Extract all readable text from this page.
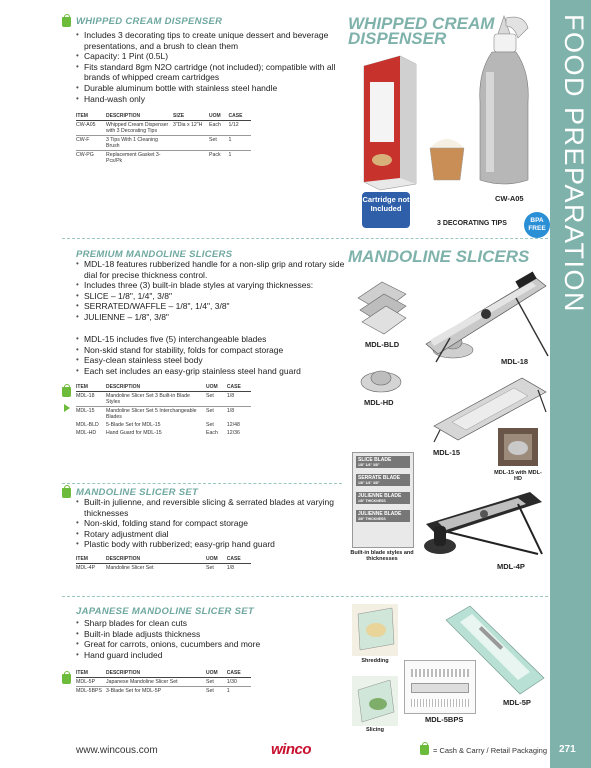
FOOD PREPARATION
WHIPPED CREAM DISPENSER
• Includes 3 decorating tips to create unique dessert and beverage presentations, and a brush to clean them
• Capacity: 1 Pint (0.5L)
• Fits standard 8gm N2O cartridge (not included); compatible with all brands of whipped cream cartridges
• Durable aluminum bottle with stainless steel handle
• Hand-wash only
ITEM	DESCRIPTION	SIZE	UOM	CASE
CW-A05	Whipped Cream Dispenser with 3 Decorating Tips	3"Dia x 12"H	Each	1/12
CW-F	3 Tips With 1 Cleaning Brush		Set	1
CW-PG	Replacement Gasket 3-Pcs/Pk		Pack	1
WHIPPED CREAM
DISPENSER
Cartridge not Included
CW-A05
3 DECORATING TIPS	BPA
FREE
PREMIUM MANDOLINE SLICERS	MANDOLINE SLICERS
• MDL-18 features rubberized handle for a non-slip grip and rotary side dial for precise thickness control.
• Includes three (3) built-in blade styles at varying thicknesses:
• SLICE – 1/8", 1/4", 3/8"
• SERRATED/WAFFLE – 1/8", 1/4", 3/8"
• JULIENNE – 1/8", 3/8"
• MDL-15 includes five (5) interchangeable blades
• Non-skid stand for stability, folds for compact storage
• Easy-clean stainless steel body
• Each set includes an easy-grip stainless steel hand guard
ITEM	DESCRIPTION	UOM	CASE
MDL-18	Mandoline Slicer Set 3 Built-in Blade Styles	Set	1/8
MDL-15	Mandoline Slicer Set 5 Interchangeable Blades	Set	1/8
MDL-BLD	5-Blade Set for MDL-15	Set	12/48
MDL-HD	Hand Guard for MDL-15	Each	12/36
MDL-BLD
MDL-HD
MDL-18
MDL-15
MDL-15 with MDL-HD
MANDOLINE SLICER SET
• Built-in julienne, and reversible slicing & serrated blades at varying thicknesses
• Non-skid, folding stand for compact storage
• Rotary adjustment dial
• Plastic body with rubberized; easy-grip hand guard
ITEM	DESCRIPTION	UOM	CASE
MDL-4P	Mandoline Slicer Set	Set	1/8
SLICE BLADE
1/8" 1/4" 3/8"
SERRATE BLADE
1/8" 1/4" 3/8"
JULIENNE BLADE
1/8" THICKNESS
JULIENNE BLADE
3/8" THICKNESS
Built-in blade styles and thicknesses
MDL-4P
JAPANESE MANDOLINE SLICER SET
• Sharp blades for clean cuts
• Built-in blade adjusts thickness
• Great for carrots, onions, cucumbers and more
• Hand guard included
ITEM	DESCRIPTION	UOM	CASE
MDL-5P	Japanese Mandoline Slicer Set	Set	1/30
MDL-5BPS	3-Blade Set for MDL-5P	Set	1
Shredding
Slicing
MDL-5BPS
MDL-5P
www.wincous.com	winco	= Cash & Carry / Retail Packaging 271
